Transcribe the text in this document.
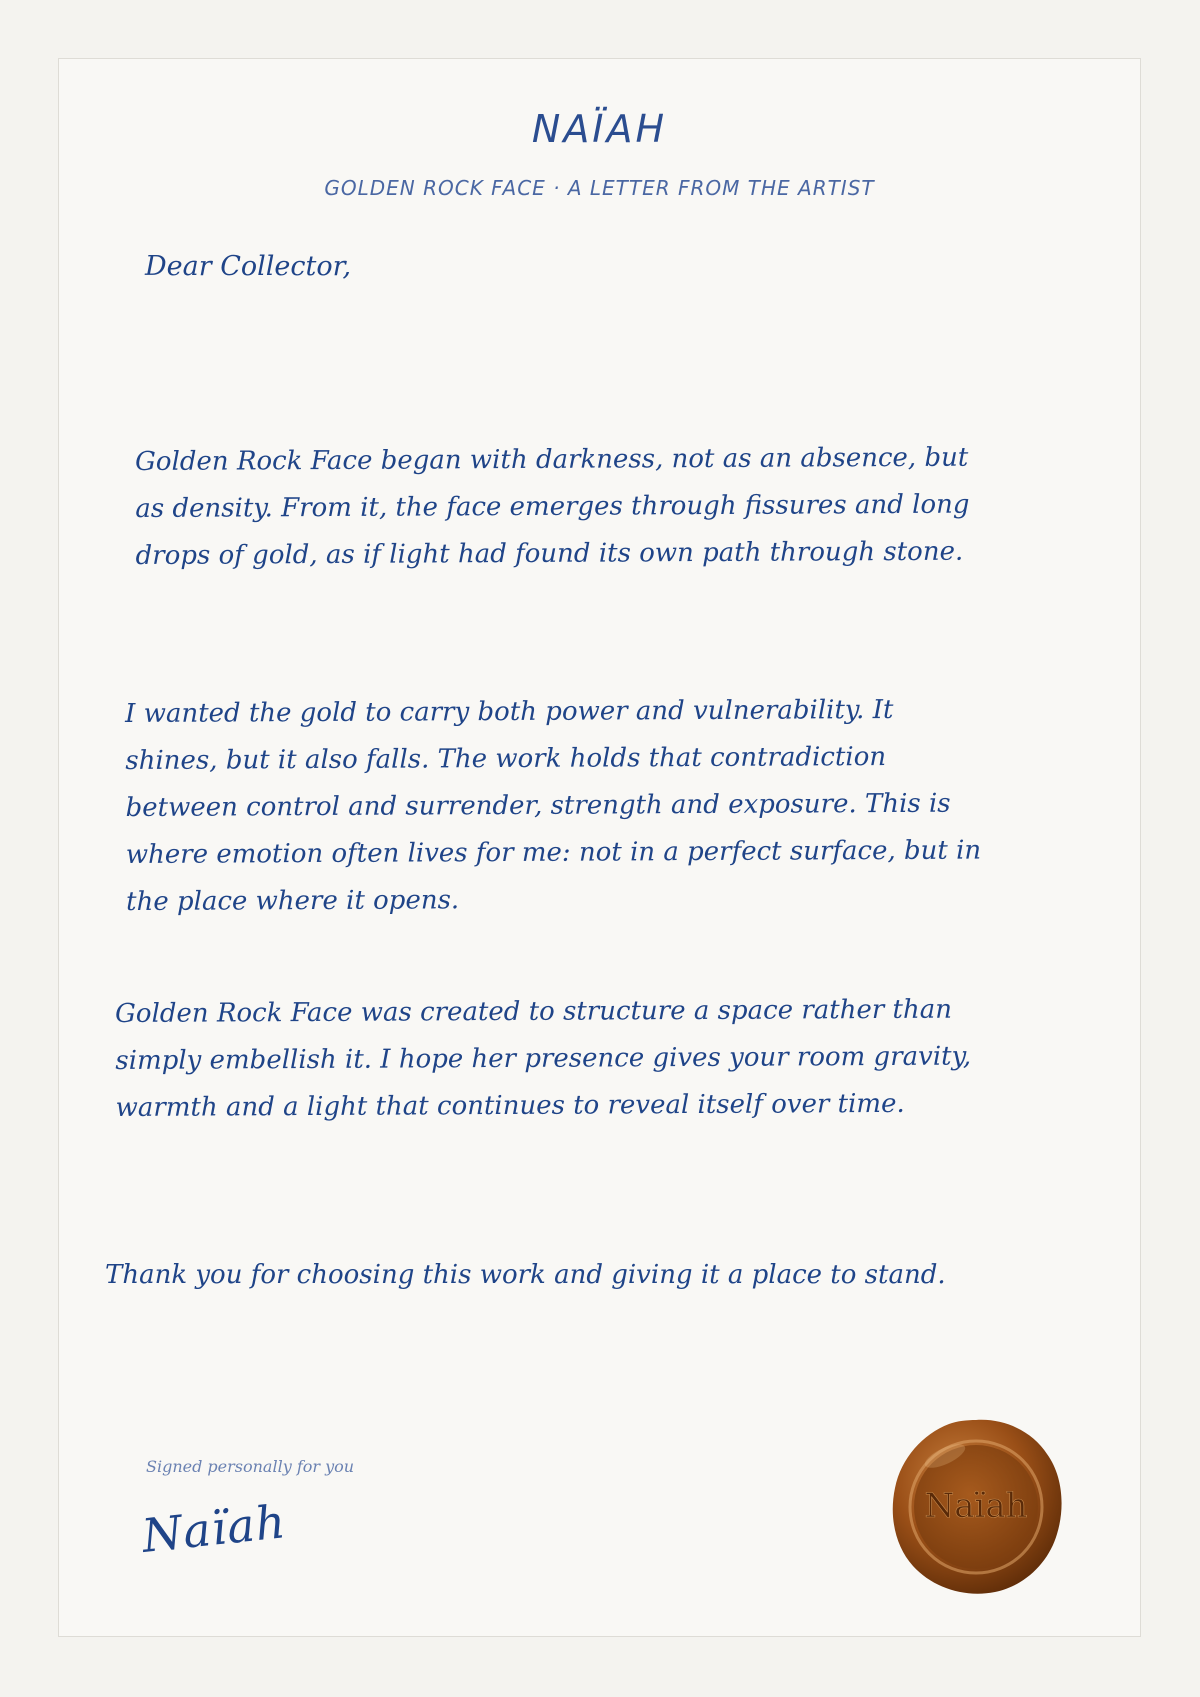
NAÏAH

GOLDEN ROCK FACE · A LETTER FROM THE ARTIST

Dear Collector,

Golden Rock Face began with darkness, not as an absence, but as density. From it, the face emerges through fissures and long drops of gold, as if light had found its own path through stone.

I wanted the gold to carry both power and vulnerability. It shines, but it also falls. The work holds that contradiction between control and surrender, strength and exposure. This is where emotion often lives for me: not in a perfect surface, but in the place where it opens.

Golden Rock Face was created to structure a space rather than simply embellish it. I hope her presence gives your room gravity, warmth and a light that continues to reveal itself over time.

Thank you for choosing this work and giving it a place to stand.

Signed personally for you

Naïah	Naïah
